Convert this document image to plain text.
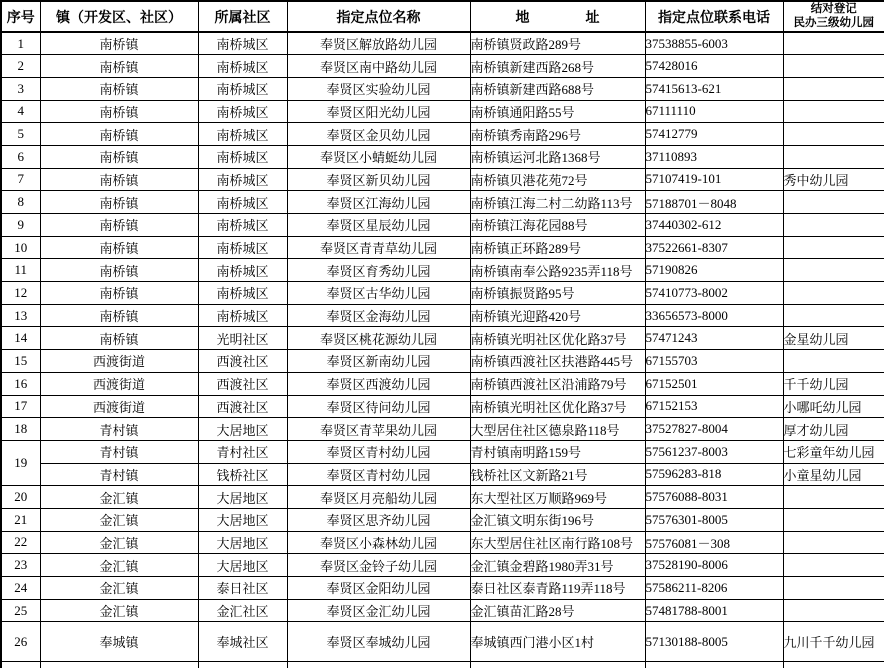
序号	镇（开发区、社区）	所属社区	指定点位名称	地　　　　址	指定点位联系电话	结对登记
民办三级幼儿园
1	南桥镇	南桥城区	奉贤区解放路幼儿园	南桥镇贤政路289号	37538855-6003	
2	南桥镇	南桥城区	奉贤区南中路幼儿园	南桥镇新建西路268号	57428016	
3	南桥镇	南桥城区	奉贤区实验幼儿园	南桥镇新建西路688号	57415613-621	
4	南桥镇	南桥城区	奉贤区阳光幼儿园	南桥镇通阳路55号	67111110	
5	南桥镇	南桥城区	奉贤区金贝幼儿园	南桥镇秀南路296号	57412779	
6	南桥镇	南桥城区	奉贤区小蜻蜓幼儿园	南桥镇运河北路1368号	37110893	
7	南桥镇	南桥城区	奉贤区新贝幼儿园	南桥镇贝港花苑72号	57107419-101	秀中幼儿园
8	南桥镇	南桥城区	奉贤区江海幼儿园	南桥镇江海二村二幼路113号	57188701－8048	
9	南桥镇	南桥城区	奉贤区星辰幼儿园	南桥镇江海花园88号	37440302-612	
10	南桥镇	南桥城区	奉贤区青青草幼儿园	南桥镇正环路289号	37522661-8307	
11	南桥镇	南桥城区	奉贤区育秀幼儿园	南桥镇南奉公路9235弄118号	57190826	
12	南桥镇	南桥城区	奉贤区古华幼儿园	南桥镇振贤路95号	57410773-8002	
13	南桥镇	南桥城区	奉贤区金海幼儿园	南桥镇光迎路420号	33656573-8000	
14	南桥镇	光明社区	奉贤区桃花源幼儿园	南桥镇光明社区优化路37号	57471243	金星幼儿园
15	西渡街道	西渡社区	奉贤区新南幼儿园	南桥镇西渡社区扶港路445号	67155703	
16	西渡街道	西渡社区	奉贤区西渡幼儿园	南桥镇西渡社区沿浦路79号	67152501	千千幼儿园
17	西渡街道	西渡社区	奉贤区待问幼儿园	南桥镇光明社区优化路37号	67152153	小哪吒幼儿园
18	青村镇	大居地区	奉贤区青苹果幼儿园	大型居住社区德泉路118号	37527827-8004	厚才幼儿园
19	青村镇	青村社区	奉贤区青村幼儿园	青村镇南明路159号	57561237-8003	七彩童年幼儿园
	青村镇	钱桥社区	奉贤区青村幼儿园	钱桥社区文新路21号	57596283-818	小童星幼儿园
20	金汇镇	大居地区	奉贤区月亮船幼儿园	东大型社区万顺路969号	57576088-8031	
21	金汇镇	大居地区	奉贤区思齐幼儿园	金汇镇文明东街196号	57576301-8005	
22	金汇镇	大居地区	奉贤区小森林幼儿园	东大型居住社区南行路108号	57576081－308	
23	金汇镇	大居地区	奉贤区金铃子幼儿园	金汇镇金碧路1980弄31号	37528190-8006	
24	金汇镇	泰日社区	奉贤区金阳幼儿园	泰日社区泰青路119弄118号	57586211-8206	
25	金汇镇	金汇社区	奉贤区金汇幼儿园	金汇镇苗汇路28号	57481788-8001	
26	奉城镇	奉城社区	奉贤区奉城幼儿园	奉城镇西门港小区1村	57130188-8005	九川千千幼儿园
